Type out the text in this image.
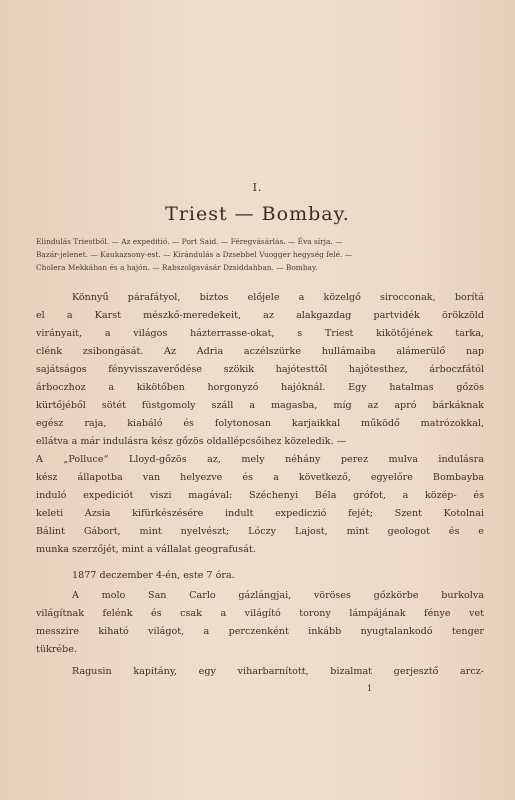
I.
Triest — Bombay.
Elindulás Triestből. — Az expeditió. — Port Said. — Féregvásárlás. — Éva sírja. —
Bazár-jelenet. — Kaukazsony-est. — Kirándulás a Dzsebbel Vuogger hegység felé. —
Cholera Mekkában és a hajón. — Rabszolgavásár Dzsiddahban. — Bombay.
Könnyű párafátyol, biztos előjele a közelgő sirocconak, borítá
el a Karst mészkő-meredekeit, az alakgazdag partvidék örökzöld
virányait, a világos házterrasse-okat, s Triest kikötőjének tarka,
clénk zsibongását. Az Adria aczélszürke hullámaiba alámerülő nap
sajátságos fényvisszaverődése szökik hajótesttől hajótesthez, árboczfától
árboczhoz a kikötőben horgonyzó hajóknál. Egy hatalmas gőzös
kürtőjéből sötét füstgomoly száll a magasba, míg az apró bárkáknak
egész raja, kiabáló és folytonosan karjaikkal működő matrózokkal,
ellátva a már indulásra kész gőzös oldallépcsőihez közeledik. —
A „Polluce“ Lloyd-gőzös az, mely néhány perez mulva indulásra
kész állapotba van helyezve és a következő, egyelőre Bombayba
induló expediciót viszi magával: Széchenyi Béla grófot, a közép- és
keleti Ázsia kifürkészésére indult expediczió fejét; Szent Kotolnai
Bálint Gábort, mint nyelvészt; Lóczy Lajost, mint geologot és e
munka szerzőjét, mint a vállalat geografusát.
1877 deczember 4-én, este 7 óra.
A molo San Carlo gázlángjai, vöröses gőzkörbe burkolva
világítnak felénk és csak a világító torony lámpájának fénye vet
messzire kiható világot, a perczenként inkább nyugtalankodó tenger
tükrébe.
Ragusin kapitány, egy viharbarnított, bizalmat gerjesztő arcz-
1
